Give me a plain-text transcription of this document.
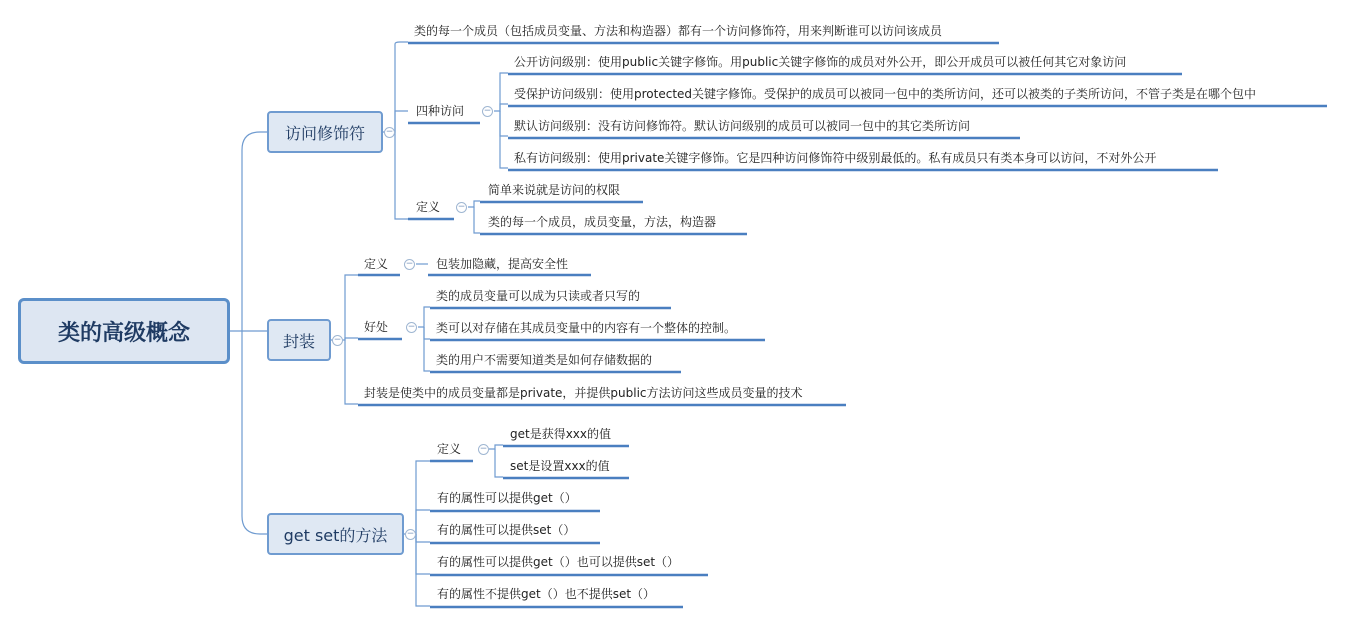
类的高级概念
访问修饰符	−
类的每一个成员（包括成员变量、方法和构造器）都有一个访问修饰符，用来判断谁可以访问该成员
四种访问 −
公开访问级别：使用public关键字修饰。用public关键字修饰的成员对外公开，即公开成员可以被任何其它对象访问
受保护访问级别：使用protected关键字修饰。受保护的成员可以被同一包中的类所访问，还可以被类的子类所访问，不管子类是在哪个包中
默认访问级别：没有访问修饰符。默认访问级别的成员可以被同一包中的其它类所访问
私有访问级别：使用private关键字修饰。它是四种访问修饰符中级别最低的。私有成员只有类本身可以访问，不对外公开
定义 −
简单来说就是访问的权限
类的每一个成员，成员变量，方法，构造器
封装	−
定义 − 包装加隐藏，提高安全性
好处 −
类的成员变量可以成为只读或者只写的
类可以对存储在其成员变量中的内容有一个整体的控制。
类的用户不需要知道类是如何存储数据的
封装是使类中的成员变量都是private，并提供public方法访问这些成员变量的技术
get set的方法	−
定义 −
get是获得xxx的值
set是设置xxx的值
有的属性可以提供get（）
有的属性可以提供set（）
有的属性可以提供get（）也可以提供set（）
有的属性不提供get（）也不提供set（）
